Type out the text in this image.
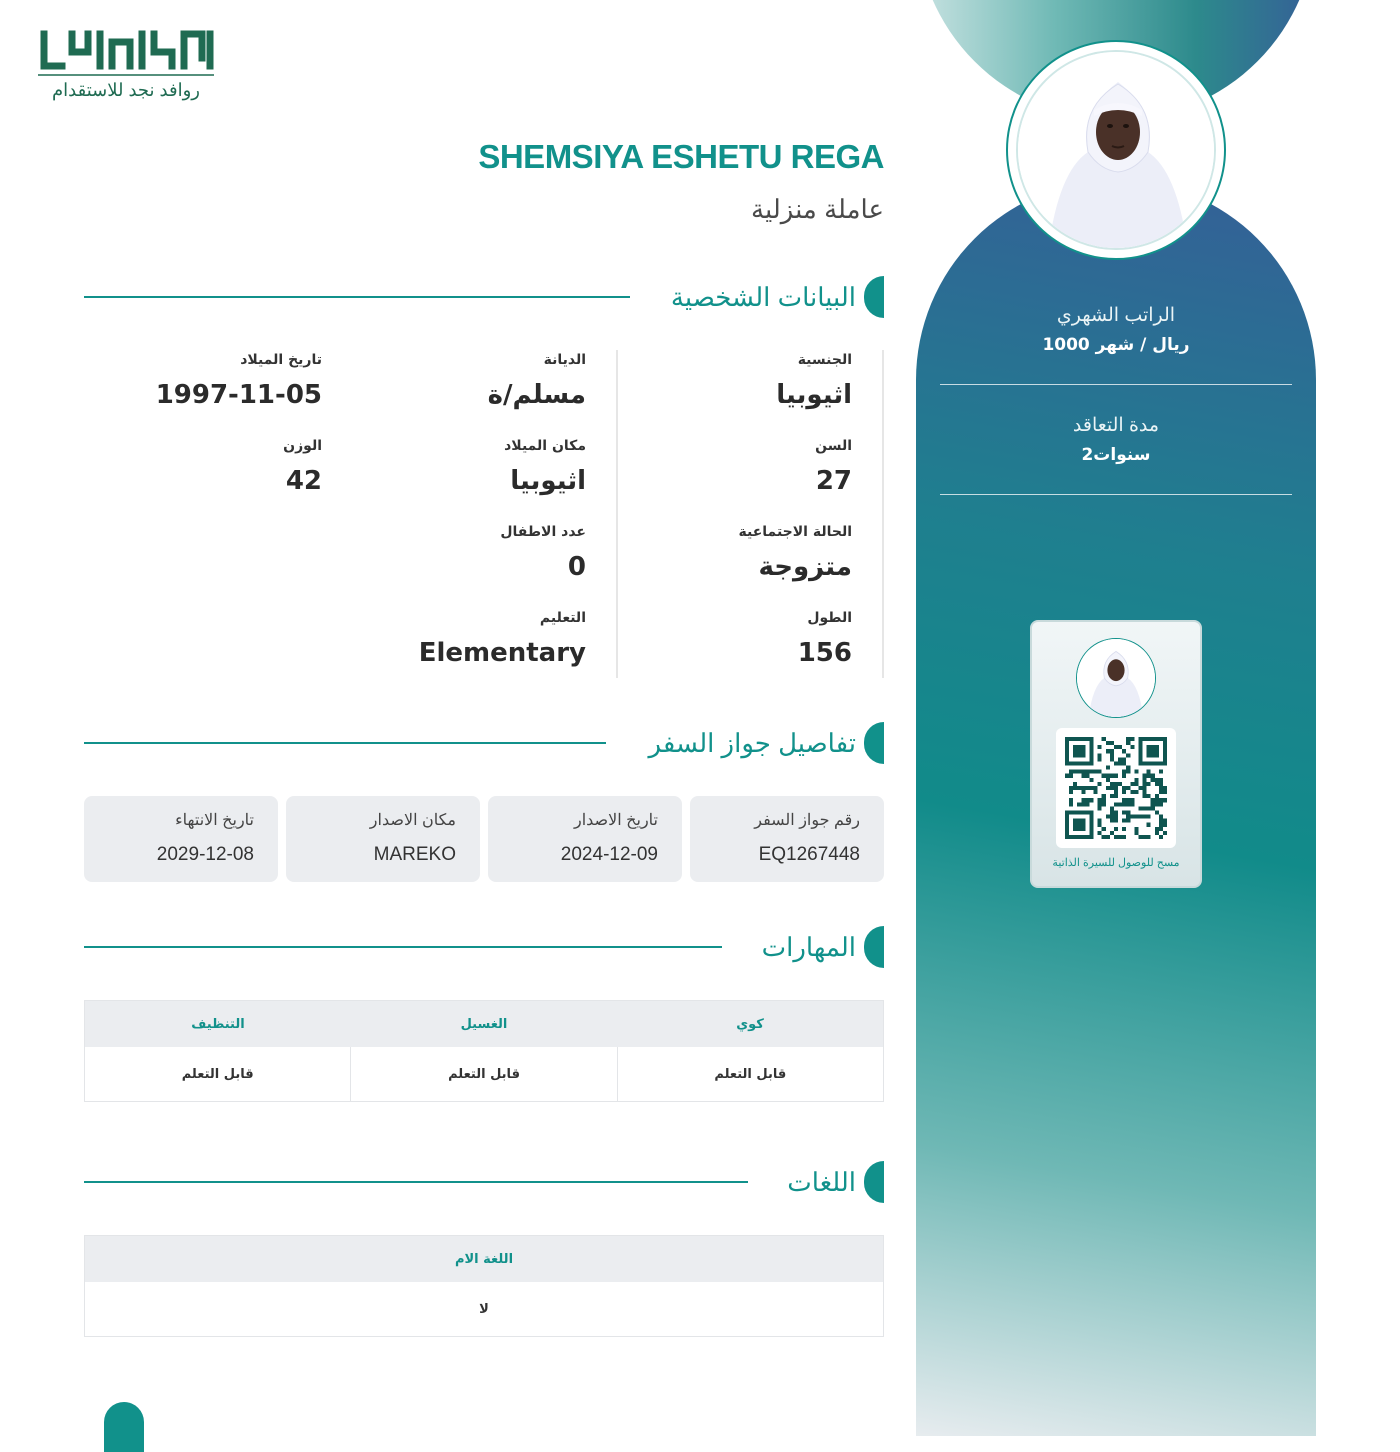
الراتب الشهري
1000 ريال / شهر
مدة التعاقد
2سنوات
مسح للوصول للسيرة الذاتية
روافد نجد للاستقدام
SHEMSIYA ESHETU REGA
عاملة منزلية
البيانات الشخصية
الجنسية
اثيوبيا
السن
27
الحالة الاجتماعية
متزوجة
الطول
156
الديانة
مسلم/ة
مكان الميلاد
اثيوبيا
عدد الاطفال
0
التعليم
Elementary
تاريخ الميلاد
1997-11-05
الوزن
42
تفاصيل جواز السفر
رقم جواز السفر
EQ1267448
تاريخ الاصدار
2024-12-09
مكان الاصدار
MAREKO
تاريخ الانتهاء
2029-12-08
المهارات
كوي
الغسيل
التنظيف
قابل التعلم
قابل التعلم
قابل التعلم
اللغات
اللغة الام
لا
